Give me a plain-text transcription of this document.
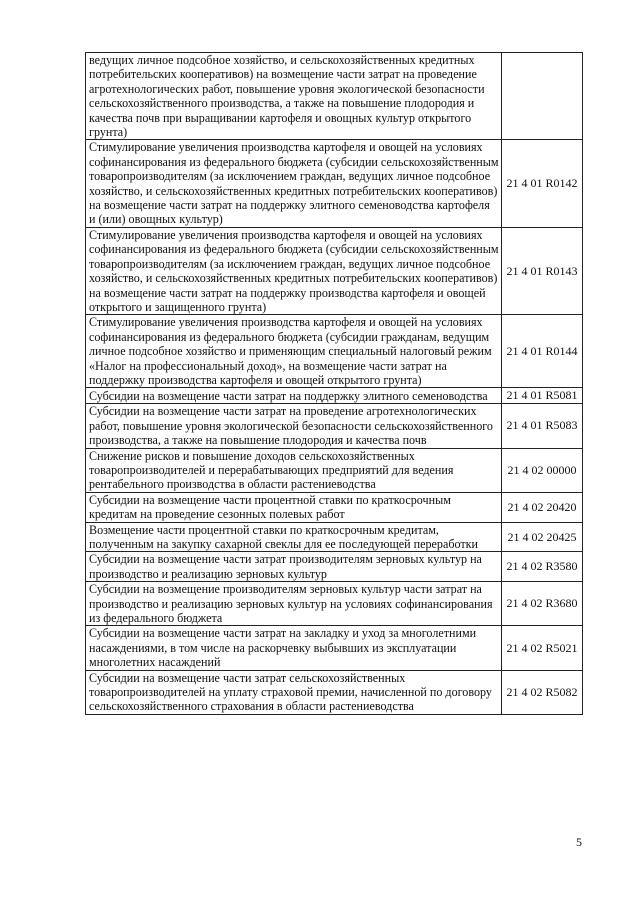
ведущих личное подсобное хозяйство, и сельскохозяйственных кредитных потребительских кооперативов) на возмещение части затрат на проведение агротехнологических работ, повышение уровня экологической безопасности сельскохозяйственного производства, а также на повышение плодородия и качества почв при выращивании картофеля и овощных культур открытого грунта)	
Стимулирование увеличения производства картофеля и овощей на условиях софинансирования из федерального бюджета (субсидии сельскохозяйственным товаропроизводителям (за исключением граждан, ведущих личное подсобное хозяйство, и сельскохозяйственных кредитных потребительских кооперативов) на возмещение части затрат на поддержку элитного семеноводства картофеля и (или) овощных культур)	21 4 01 R0142
Стимулирование увеличения производства картофеля и овощей на условиях софинансирования из федерального бюджета (субсидии сельскохозяйственным товаропроизводителям (за исключением граждан, ведущих личное подсобное хозяйство, и сельскохозяйственных кредитных потребительских кооперативов) на возмещение части затрат на поддержку производства картофеля и овощей открытого и защищенного грунта)	21 4 01 R0143
Стимулирование увеличения производства картофеля и овощей на условиях софинансирования из федерального бюджета (субсидии гражданам, ведущим личное подсобное хозяйство и применяющим специальный налоговый режим «Налог на профессиональный доход», на возмещение части затрат на поддержку производства картофеля и овощей открытого грунта)	21 4 01 R0144
Субсидии на возмещение части затрат на поддержку элитного семеноводства	21 4 01 R5081
Субсидии на возмещение части затрат на проведение агротехнологических работ, повышение уровня экологической безопасности сельскохозяйственного производства, а также на повышение плодородия и качества почв	21 4 01 R5083
Снижение рисков и повышение доходов сельскохозяйственных товаропроизводителей и перерабатывающих предприятий для ведения рентабельного производства в области растениеводства	21 4 02 00000
Субсидии на возмещение части процентной ставки по краткосрочным кредитам на проведение сезонных полевых работ	21 4 02 20420
Возмещение части процентной ставки по краткосрочным кредитам, полученным на закупку сахарной свеклы для ее последующей переработки	21 4 02 20425
Субсидии на возмещение части затрат производителям зерновых культур на производство и реализацию зерновых культур	21 4 02 R3580
Субсидии на возмещение производителям зерновых культур части затрат на производство и реализацию зерновых культур на условиях софинансирования из федерального бюджета	21 4 02 R3680
Субсидии на возмещение части затрат на закладку и уход за многолетними насаждениями, в том числе на раскорчевку выбывших из эксплуатации многолетних насаждений	21 4 02 R5021
Субсидии на возмещение части затрат сельскохозяйственных товаропроизводителей на уплату страховой премии, начисленной по договору сельскохозяйственного страхования в области растениеводства	21 4 02 R5082
5
